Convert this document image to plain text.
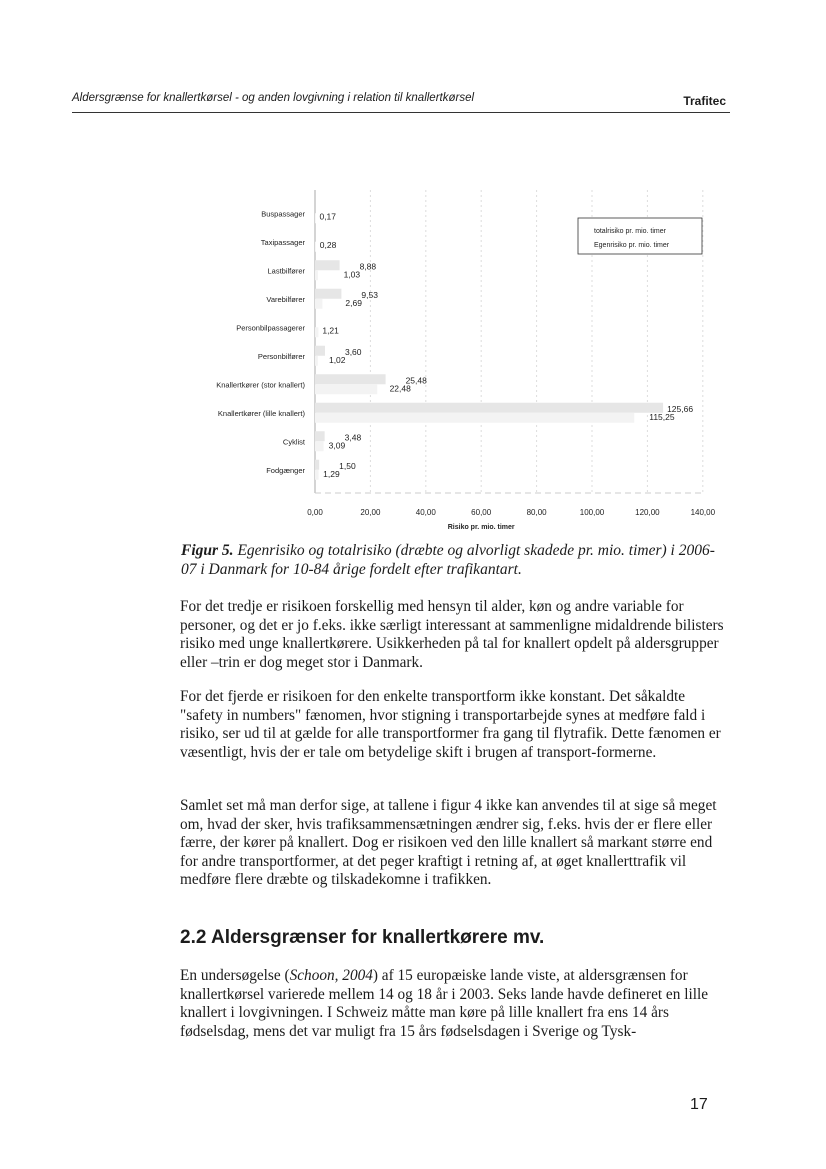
Aldersgrænse for knallertkørsel - og anden lovgivning i relation til knallertkørsel	Trafitec
Buspassager 0,17
Taxipassager 0,28
Lastbilfører	8,88
1,03
Varebilfører	9,53
2,69
Personbilpassagerer 1,21
Personbilfører	3,60
1,02
Knallertkører (stor knallert)	25,48
22,48
Knallertkører (lille knallert)	125,66
115,25
Cyklist	3,48
3,09
Fodgænger	1,50
1,29
0,00	20,00	40,00	60,00	80,00	100,00	120,00	140,00
Risiko pr. mio. timer
totalrisiko pr. mio. timer
Egenrisiko pr. mio. timer
Figur 5. Egenrisiko og totalrisiko (dræbte og alvorligt skadede pr. mio. timer) i 2006-07 i Danmark for 10-84 årige fordelt efter trafikantart.

For det tredje er risikoen forskellig med hensyn til alder, køn og andre variable for personer, og det er jo f.eks. ikke særligt interessant at sammenligne midaldrende bilisters risiko med unge knallertkørere. Usikkerheden på tal for knallert opdelt på aldersgrupper eller –trin er dog meget stor i Danmark.

For det fjerde er risikoen for den enkelte transportform ikke konstant. Det såkaldte "safety in numbers" fænomen, hvor stigning i transportarbejde synes at medføre fald i risiko, ser ud til at gælde for alle transportformer fra gang til flytrafik. Dette fænomen er væsentligt, hvis der er tale om betydelige skift i brugen af transport-formerne.

Samlet set må man derfor sige, at tallene i figur 4 ikke kan anvendes til at sige så meget om, hvad der sker, hvis trafiksammensætningen ændrer sig, f.eks. hvis der er flere eller færre, der kører på knallert. Dog er risikoen ved den lille knallert så markant større end for andre transportformer, at det peger kraftigt i retning af, at øget knallerttrafik vil medføre flere dræbte og tilskadekomne i trafikken.

2.2 Aldersgrænser for knallertkørere mv.

En undersøgelse (Schoon, 2004) af 15 europæiske lande viste, at aldersgrænsen for knallertkørsel varierede mellem 14 og 18 år i 2003. Seks lande havde defineret en lille knallert i lovgivningen. I Schweiz måtte man køre på lille knallert fra ens 14 års fødselsdag, mens det var muligt fra 15 års fødselsdagen i Sverige og Tysk-

17
